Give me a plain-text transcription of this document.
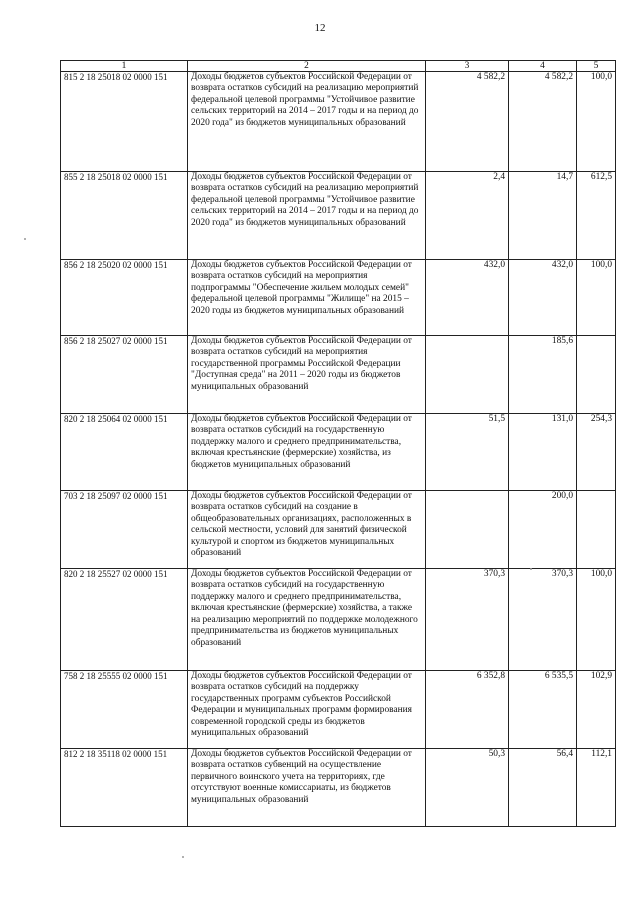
12
1	2	3	4	5
815 2 18 25018 02 0000 151	Доходы бюджетов субъектов Российской Федерации от возврата остатков субсидий на реализацию мероприятий федеральной целевой программы "Устойчивое развитие сельских территорий на 2014 – 2017 годы и на период до 2020 года" из бюджетов муниципальных образований	4 582,2	4 582,2	100,0
855 2 18 25018 02 0000 151	Доходы бюджетов субъектов Российской Федерации от возврата остатков субсидий на реализацию мероприятий федеральной целевой программы "Устойчивое развитие сельских территорий на 2014 – 2017 годы и на период до 2020 года" из бюджетов муниципальных образований	2,4	14,7	612,5
856 2 18 25020 02 0000 151	Доходы бюджетов субъектов Российской Федерации от возврата остатков субсидий на мероприятия подпрограммы "Обеспечение жильем молодых семей" федеральной целевой программы "Жилище" на 2015 – 2020 годы из бюджетов муниципальных образований	432,0	432,0	100,0
856 2 18 25027 02 0000 151	Доходы бюджетов субъектов Российской Федерации от возврата остатков субсидий на мероприятия государственной программы Российской Федерации "Доступная среда" на 2011 – 2020 годы из бюджетов муниципальных образований		185,6	
820 2 18 25064 02 0000 151	Доходы бюджетов субъектов Российской Федерации от возврата остатков субсидий на государственную поддержку малого и среднего предпринимательства, включая крестьянские (фермерские) хозяйства, из бюджетов муниципальных образований	51,5	131,0	254,3
703 2 18 25097 02 0000 151	Доходы бюджетов субъектов Российской Федерации от возврата остатков субсидий на создание в общеобразовательных организациях, расположенных в сельской местности, условий для занятий физической культурой и спортом из бюджетов муниципальных образований		200,0	
820 2 18 25527 02 0000 151	Доходы бюджетов субъектов Российской Федерации от возврата остатков субсидий на государственную поддержку малого и среднего предпринимательства, включая крестьянские (фермерские) хозяйства, а также на реализацию мероприятий по поддержке молодежного предпринимательства из бюджетов муниципальных образований	370,3	370,3	100,0
758 2 18 25555 02 0000 151	Доходы бюджетов субъектов Российской Федерации от возврата остатков субсидий на поддержку государственных программ субъектов Российской Федерации и муниципальных программ формирования современной городской среды из бюджетов муниципальных образований	6 352,8	6 535,5	102,9
812 2 18 35118 02 0000 151	Доходы бюджетов субъектов Российской Федерации от возврата остатков субвенций на осуществление первичного воинского учета на территориях, где отсутствуют военные комиссариаты, из бюджетов муниципальных образований	50,3	56,4	112,1
